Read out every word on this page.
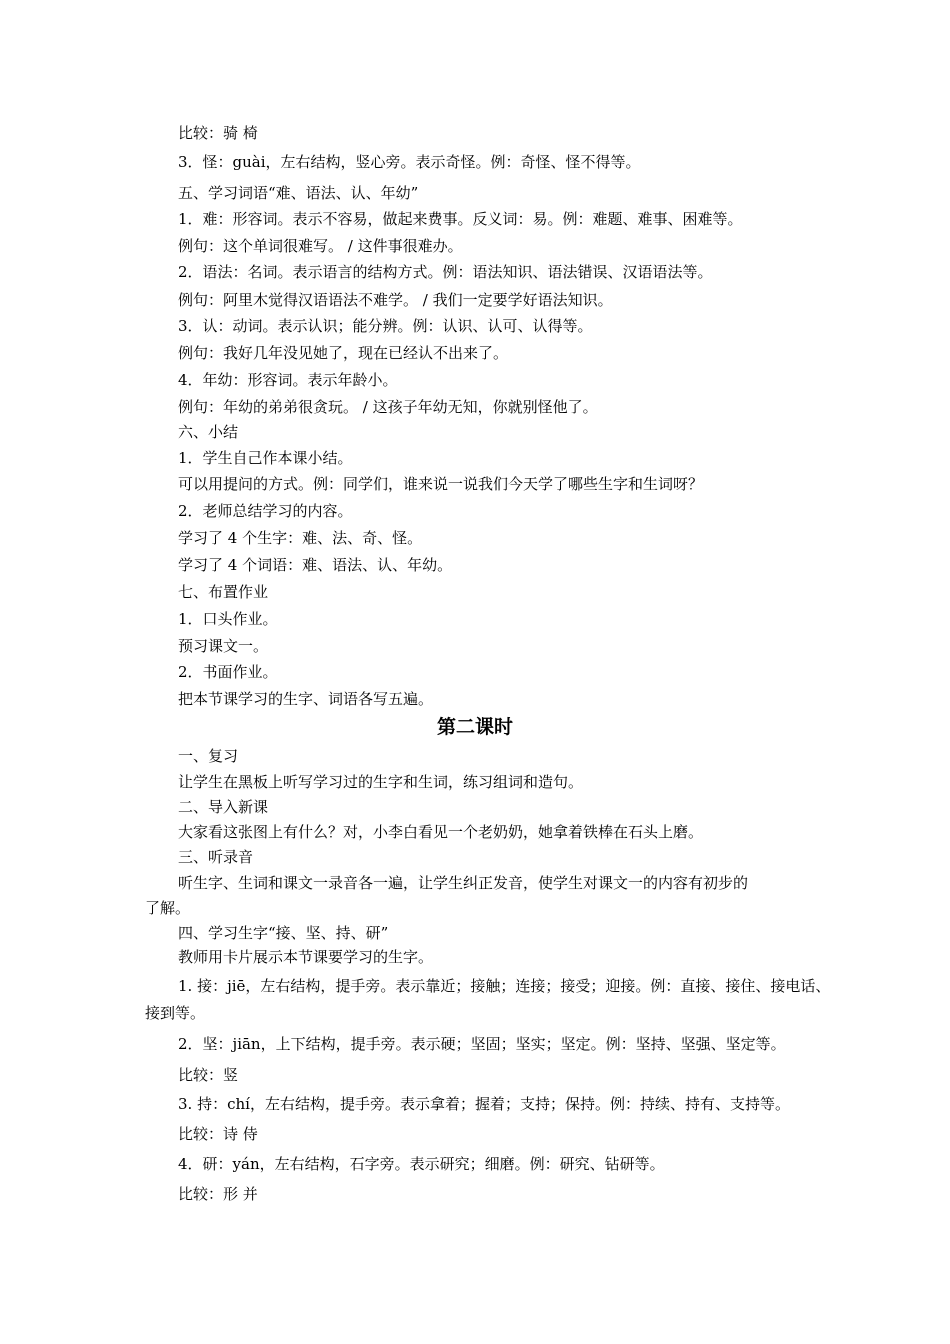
比较：骑 椅
3．怪：guài，左右结构，竖心旁。表示奇怪。例：奇怪、怪不得等。
五、学习词语“难、语法、认、年幼”
1．难：形容词。表示不容易，做起来费事。反义词：易。例：难题、难事、困难等。
例句：这个单词很难写。 / 这件事很难办。
2．语法：名词。表示语言的结构方式。例：语法知识、语法错误、汉语语法等。
例句：阿里木觉得汉语语法不难学。 / 我们一定要学好语法知识。
3．认：动词。表示认识；能分辨。例：认识、认可、认得等。
例句：我好几年没见她了，现在已经认不出来了。
4．年幼：形容词。表示年龄小。
例句：年幼的弟弟很贪玩。 / 这孩子年幼无知，你就别怪他了。
六、小结
1．学生自己作本课小结。
可以用提问的方式。例：同学们，谁来说一说我们今天学了哪些生字和生词呀？
2．老师总结学习的内容。
学习了 4 个生字：难、法、奇、怪。
学习了 4 个词语：难、语法、认、年幼。
七、布置作业
1．口头作业。
预习课文一。
2．书面作业。
把本节课学习的生字、词语各写五遍。
第二课时
一、复习
让学生在黑板上听写学习过的生字和生词，练习组词和造句。
二、导入新课
大家看这张图上有什么？对，小李白看见一个老奶奶，她拿着铁棒在石头上磨。
三、听录音
听生字、生词和课文一录音各一遍，让学生纠正发音，使学生对课文一的内容有初步的
了解。
四、学习生字“接、坚、持、研”
教师用卡片展示本节课要学习的生字。
1. 接：jiē，左右结构，提手旁。表示靠近；接触；连接；接受；迎接。例：直接、接住、接电话、
接到等。
2．坚：jiān，上下结构，提手旁。表示硬；坚固；坚实；坚定。例：坚持、坚强、坚定等。
比较：竖
3. 持：chí，左右结构，提手旁。表示拿着；握着；支持；保持。例：持续、持有、支持等。
比较：诗 侍
4．研：yán，左右结构，石字旁。表示研究；细磨。例：研究、钻研等。
比较：形 并
